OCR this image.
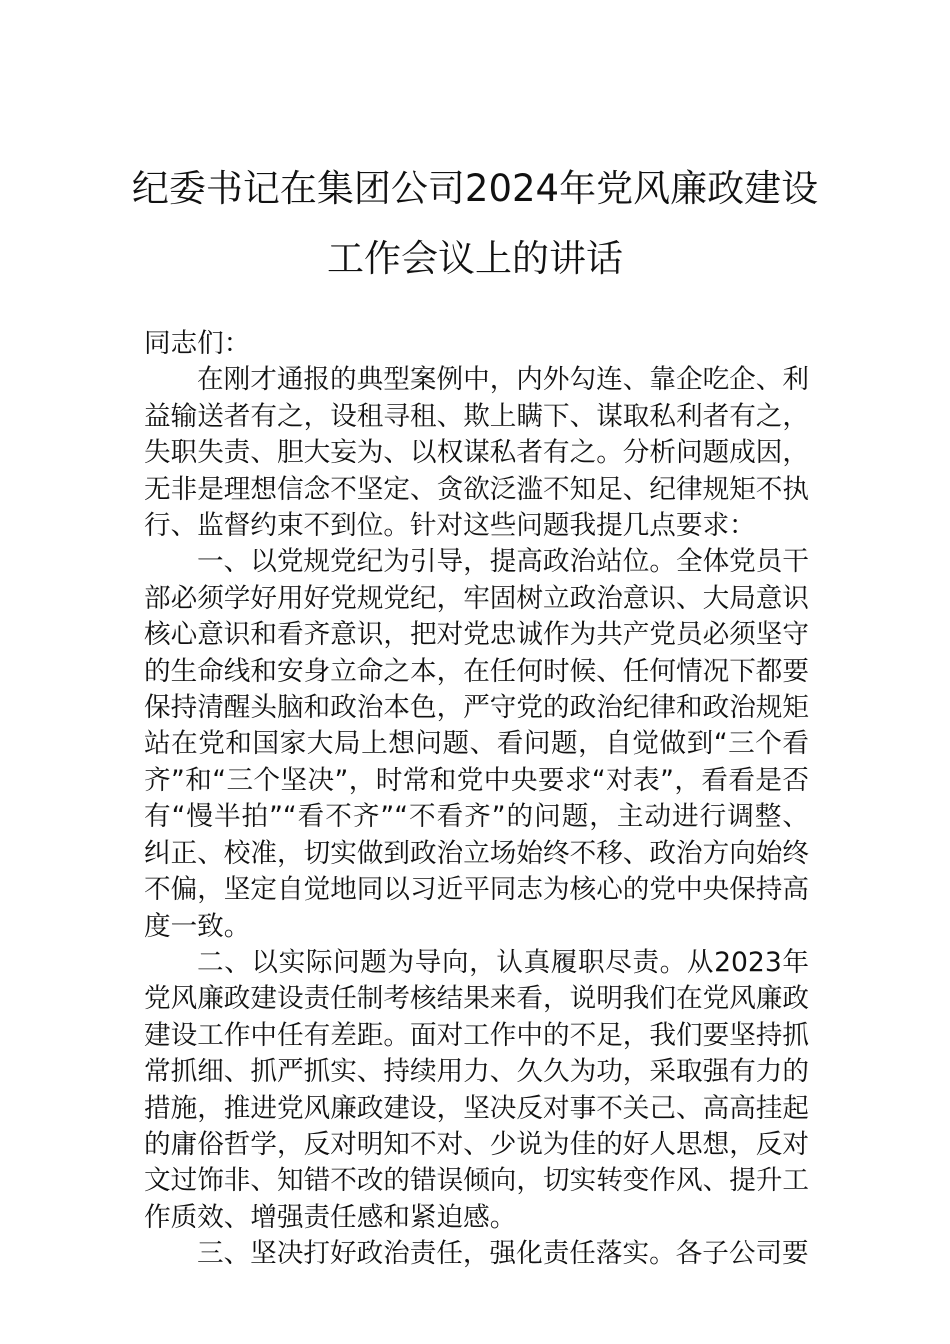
纪委书记在集团公司2024年党风廉政建设
工作会议上的讲话

同志们：

在刚才通报的典型案例中，内外勾连、靠企吃企、利益输送者有之，设租寻租、欺上瞒下、谋取私利者有之，失职失责、胆大妄为、以权谋私者有之。分析问题成因，无非是理想信念不坚定、贪欲泛滥不知足、纪律规矩不执行、监督约束不到位。针对这些问题我提几点要求：

一、以党规党纪为引导，提高政治站位。全体党员干部必须学好用好党规党纪，牢固树立政治意识、大局意识核心意识和看齐意识，把对党忠诚作为共产党员必须坚守的生命线和安身立命之本，在任何时候、任何情况下都要保持清醒头脑和政治本色，严守党的政治纪律和政治规矩站在党和国家大局上想问题、看问题，自觉做到“三个看齐”和“三个坚决”，时常和党中央要求“对表”，看看是否有“慢半拍”“看不齐”“不看齐”的问题，主动进行调整、纠正、校准，切实做到政治立场始终不移、政治方向始终不偏，坚定自觉地同以习近平同志为核心的党中央保持高度一致。

二、以实际问题为导向，认真履职尽责。从2023年党风廉政建设责任制考核结果来看，说明我们在党风廉政建设工作中任有差距。面对工作中的不足，我们要坚持抓常抓细、抓严抓实、持续用力、久久为功，采取强有力的措施，推进党风廉政建设，坚决反对事不关己、高高挂起的庸俗哲学，反对明知不对、少说为佳的好人思想，反对文过饰非、知错不改的错误倾向，切实转变作风、提升工作质效、增强责任感和紧迫感。

三、坚决打好政治责任，强化责任落实。各子公司要
